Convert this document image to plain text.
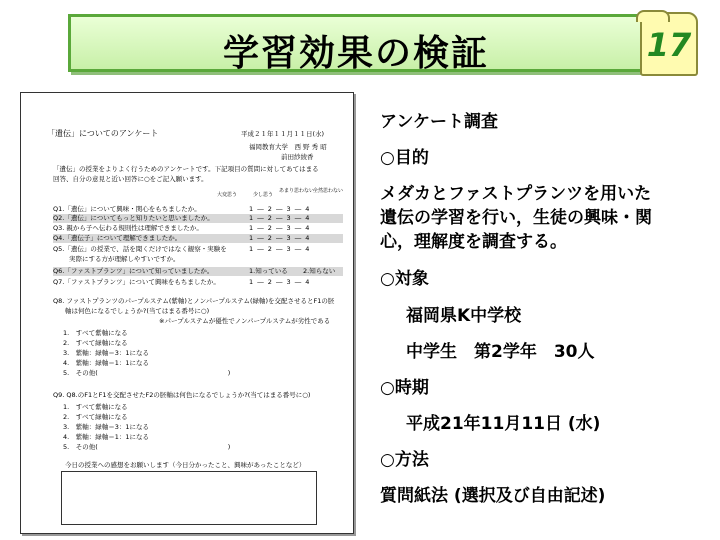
学習効果の検証	17
「遺伝」についてのアンケート	平成２１年１１月１１日(水)
福岡教育大学　西 野 秀 昭
前田紗綾香
「遺伝」の授業をよりよく行うためのアンケートです。下記項目の質問に対してあてはまる
回答、自分の意見と近い回答に○をご記入願います。
大変思う	少し思う
あまり思わない
全然思わない
Q1.「遺伝」について興味・関心をもちましたか。	1 ― 2 ― 3 ― 4
Q2.「遺伝」についてもっと知りたいと思いましたか。	1 ― 2 ― 3 ― 4
Q3. 親から子へ伝わる規則性は理解できましたか。	1 ― 2 ― 3 ― 4
Q4.「遺伝子」について理解できましたか。	1 ― 2 ― 3 ― 4
Q5.「遺伝」の授業で、話を聞くだけではなく観察・実験を	1 ― 2 ― 3 ― 4
実際にする方が理解しやすいですか。
Q6.「ファストプランツ」について知っていましたか。	1.知っている 2.知らない
Q7.「ファストプランツ」について興味をもちましたか。	1 ― 2 ― 3 ― 4
Q8. ファストプランツのパープルステム(紫軸)とノンパープルステム(緑軸)を交配させるとF1の胚
軸は何色になるでしょうか?(当てはまる番号に○)
※パープルステムが優性でノンパープルステムが劣性である
1.　すべて紫軸になる
2.　すべて緑軸になる
3.　紫軸：緑軸＝3：1になる
4.　紫軸：緑軸＝1：1になる
5.　その他(　　　　　　　　　　　　　　　　　　　　)
Q9. Q8.のF1とF1を交配させたF2の胚軸は何色になるでしょうか?(当てはまる番号に○)
1.　すべて紫軸になる
2.　すべて緑軸になる
3.　紫軸：緑軸＝3：1になる
4.　紫軸：緑軸＝1：1になる
5.　その他(　　　　　　　　　　　　　　　　　　　　)
今日の授業への感想をお願いします（今日分かったこと、興味があったことなど）
アンケート調査
○目的
メダカとファストプランツを用いた
遺伝の学習を行い，生徒の興味・関
心，理解度を調査する。
○対象
福岡県K中学校
中学生　第2学年　30人
○時期
平成21年11月11日 (水)
○方法
質問紙法 (選択及び自由記述)
